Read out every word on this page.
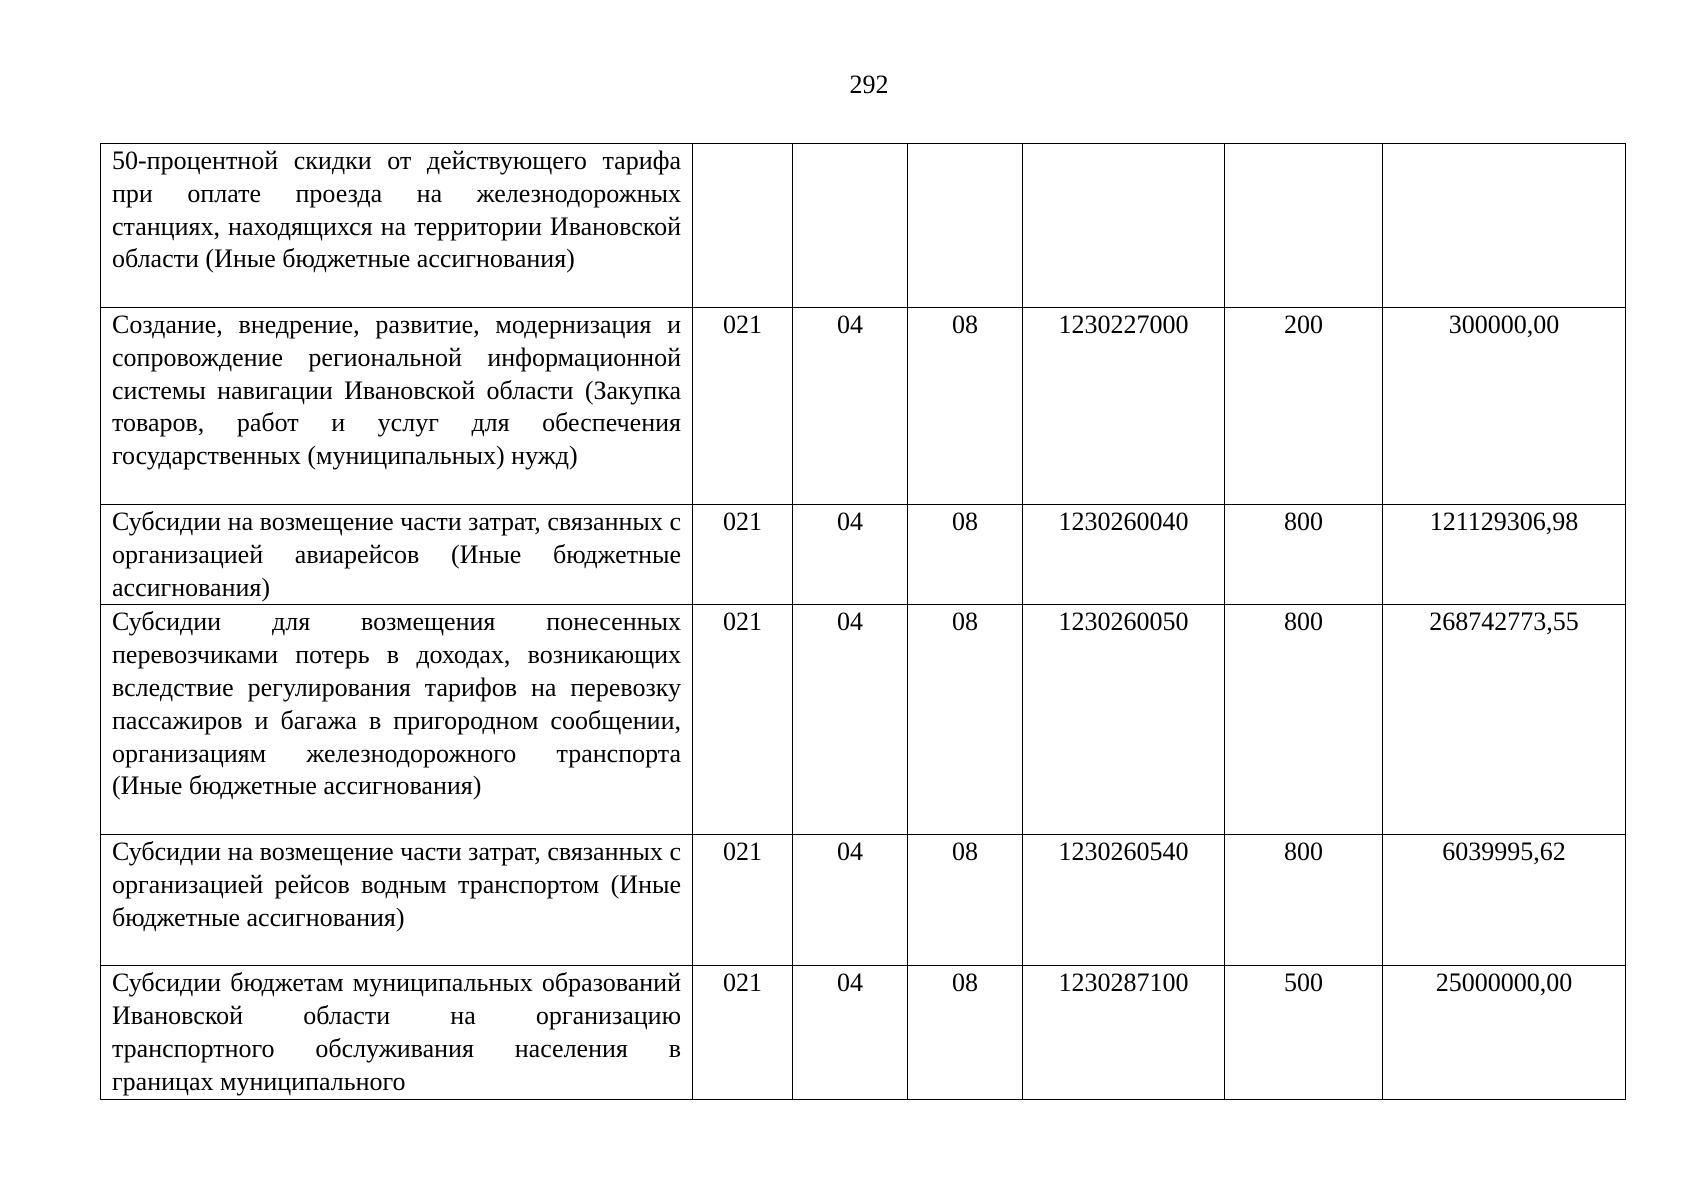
292
50-процентной скидки от действующего тарифа при оплате проезда на железнодорожных станциях, находящихся на территории Ивановской области (Иные бюджетные ассигнования)						
Создание, внедрение, развитие, модернизация и сопровождение региональной информационной системы навигации Ивановской области (Закупка товаров, работ и услуг для обеспечения государственных (муниципальных) нужд)	021	04	08	1230227000	200	300000,00
Субсидии на возмещение части затрат, связанных с организацией авиарейсов (Иные бюджетные ассигнования)	021	04	08	1230260040	800	121129306,98
Субсидии для возмещения понесенных перевозчиками потерь в доходах, возникающих вследствие регулирования тарифов на перевозку пассажиров и багажа в пригородном сообщении, организациям железнодорожного транспорта (Иные бюджетные ассигнования)	021	04	08	1230260050	800	268742773,55
Субсидии на возмещение части затрат, связанных с организацией рейсов водным транспортом (Иные бюджетные ассигнования)	021	04	08	1230260540	800	6039995,62
Субсидии бюджетам муниципальных образований Ивановской области на организацию транспортного обслуживания населения в границах муниципального	021	04	08	1230287100	500	25000000,00
